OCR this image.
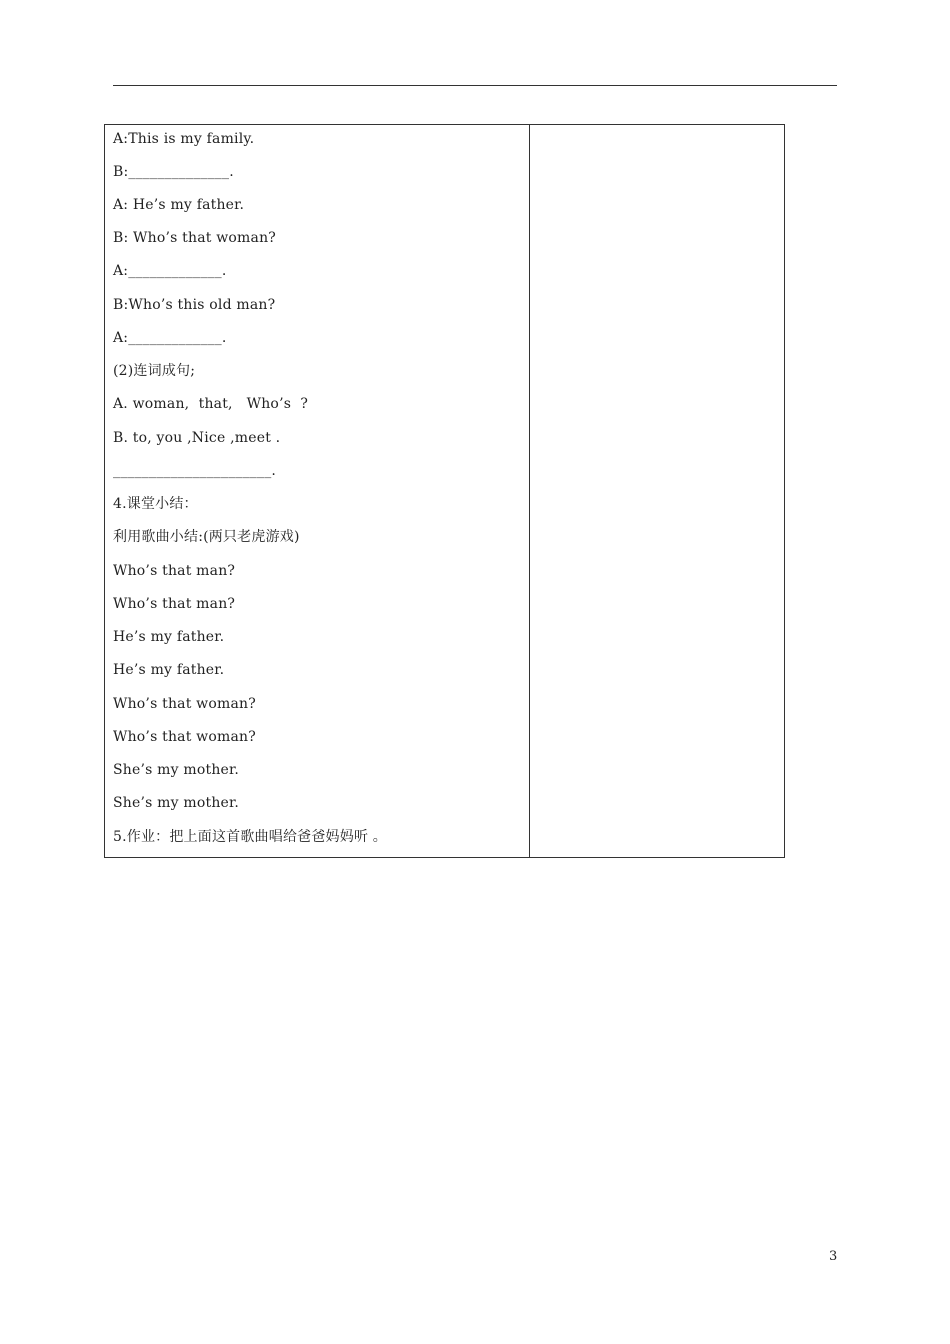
A:This is my family.
B:______________.
A: He’s my father.
B: Who’s that woman?
A:_____________.
B:Who’s this old man?
A:_____________.
(2)连词成句;
A. woman,  that,   Who’s  ?
B. to, you ,Nice ,meet .
______________________.
4.课堂小结：
利用歌曲小结:(两只老虎游戏)
Who’s that man?
Who’s that man?
He’s my father.
He’s my father.
Who’s that woman?
Who’s that woman?
She’s my mother.
She’s my mother.
5.作业：把上面这首歌曲唱给爸爸妈妈听 。
3
